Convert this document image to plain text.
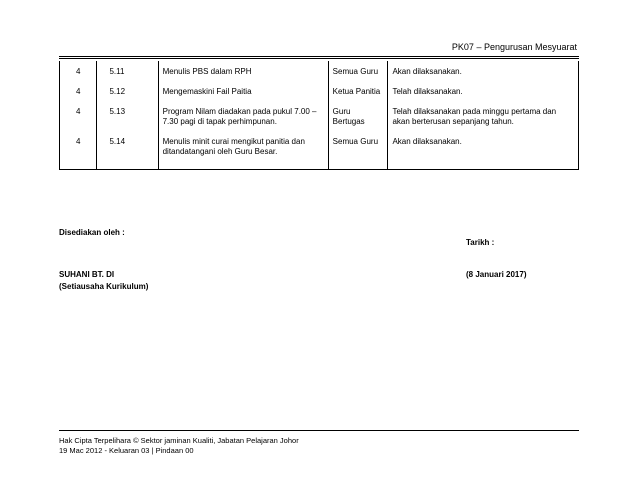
PK07 – Pengurusan Mesyuarat
4	5.11	Menulis PBS dalam RPH	Semua Guru	Akan dilaksanakan.
4	5.12	Mengemaskini Fail Paitia	Ketua Panitia	Telah dilaksanakan.
4	5.13	Program Nilam diadakan pada pukul 7.00 – 7.30 pagi di tapak perhimpunan.	Guru Bertugas	Telah dilaksanakan pada minggu pertama dan akan berterusan sepanjang tahun.
4	5.14	Menulis minit curai mengikut panitia dan ditandatangani oleh Guru Besar.	Semua Guru	Akan dilaksanakan.
Disediakan oleh :
Tarikh :
SUHANI BT. DI	(8 Januari 2017)
(Setiausaha Kurikulum)
Hak Cipta Terpelihara © Sektor jaminan Kualiti, Jabatan Pelajaran Johor
19 Mac 2012 - Keluaran 03 | Pindaan 00
